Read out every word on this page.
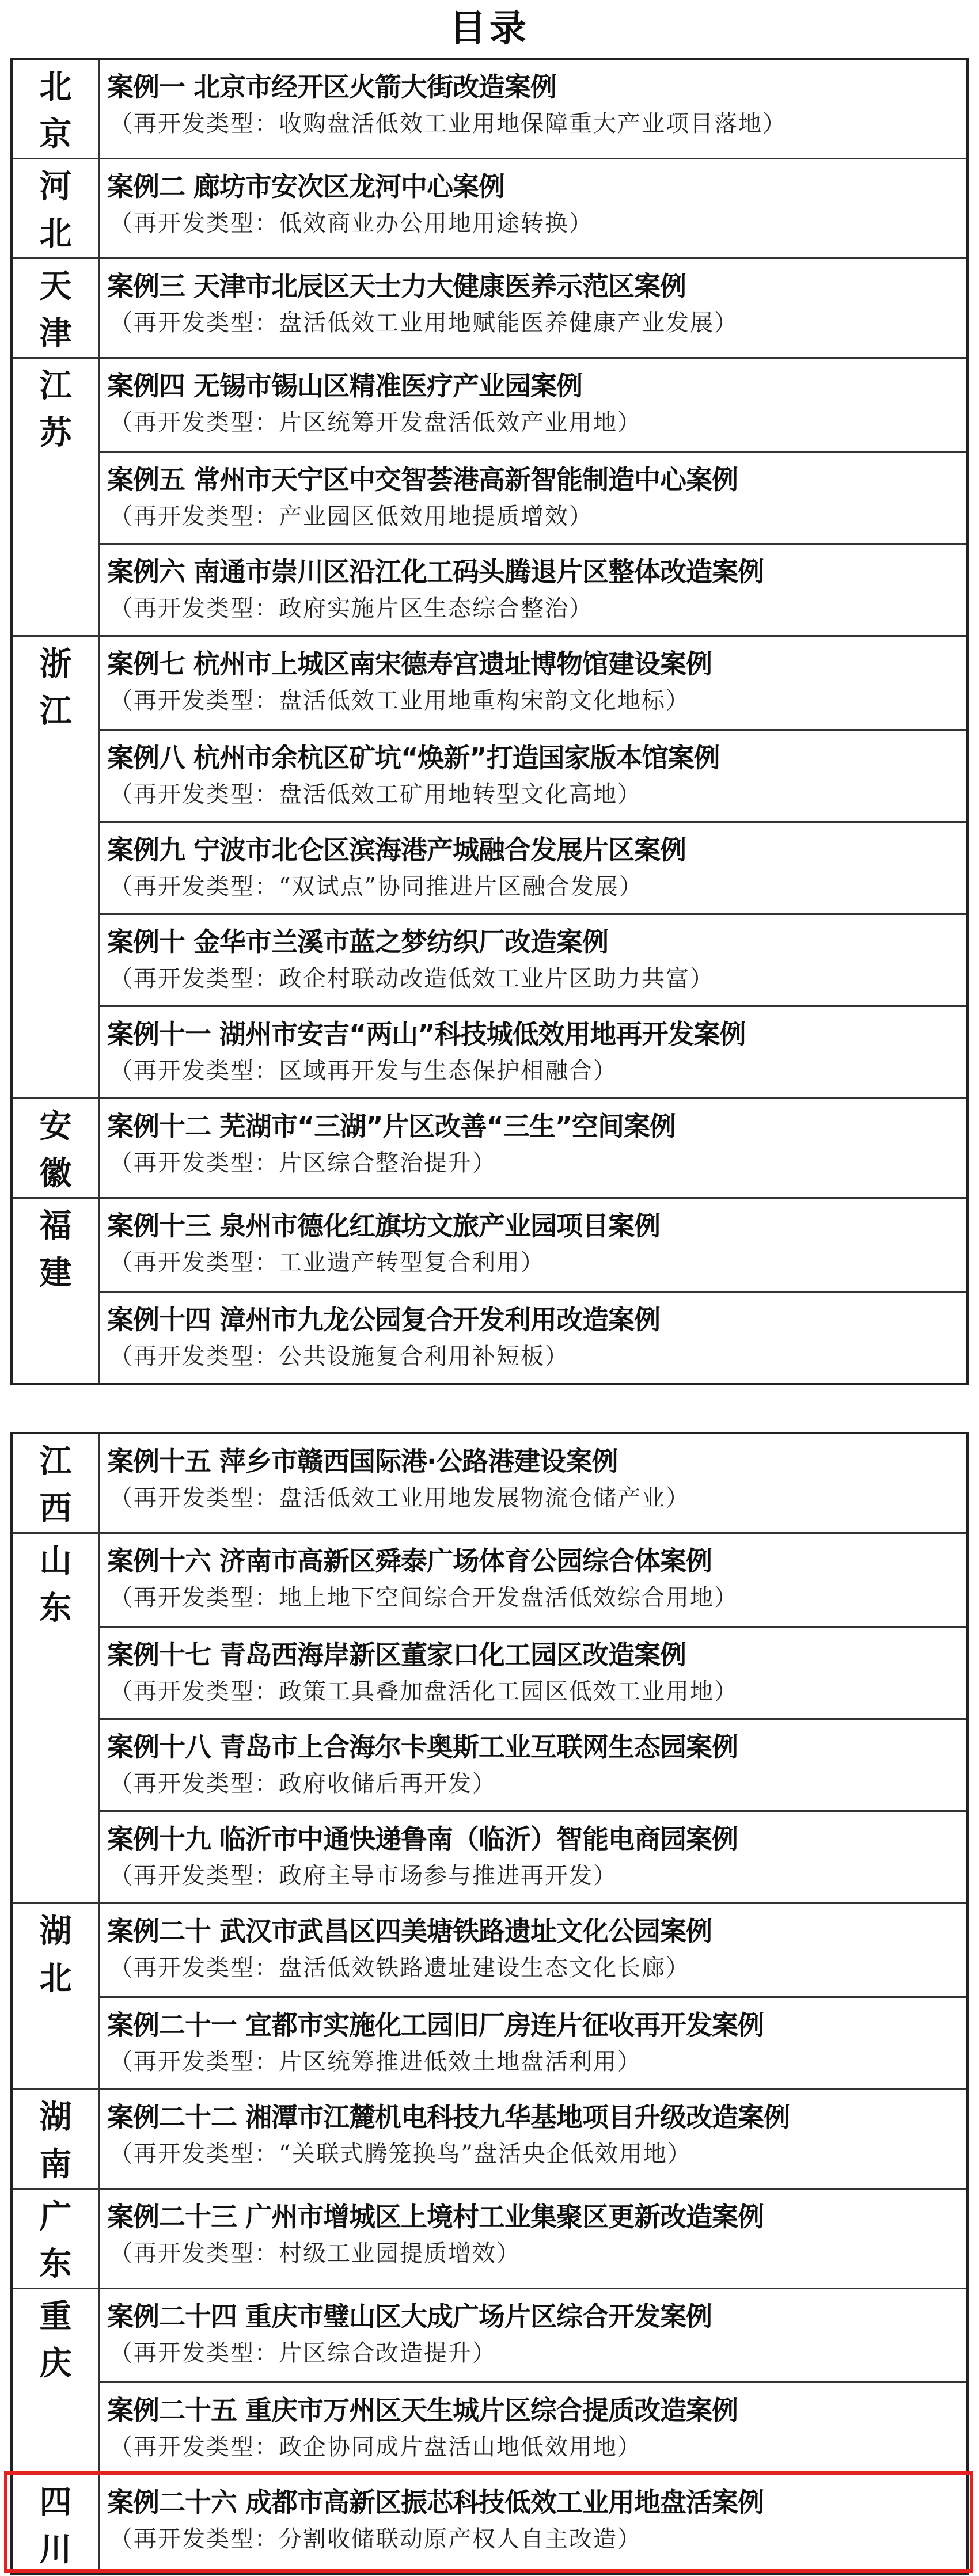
目录
北
京
案例一 北京市经开区火箭大街改造案例
（再开发类型：收购盘活低效工业用地保障重大产业项目落地）
河
北
案例二 廊坊市安次区龙河中心案例
（再开发类型：低效商业办公用地用途转换）
天
津
案例三 天津市北辰区天士力大健康医养示范区案例
（再开发类型：盘活低效工业用地赋能医养健康产业发展）
江
苏
案例四 无锡市锡山区精准医疗产业园案例
（再开发类型：片区统筹开发盘活低效产业用地）
案例五 常州市天宁区中交智荟港高新智能制造中心案例
（再开发类型：产业园区低效用地提质增效）
案例六 南通市崇川区沿江化工码头腾退片区整体改造案例
（再开发类型：政府实施片区生态综合整治）
浙
江
案例七 杭州市上城区南宋德寿宫遗址博物馆建设案例
（再开发类型：盘活低效工业用地重构宋韵文化地标）
案例八 杭州市余杭区矿坑“焕新”打造国家版本馆案例
（再开发类型：盘活低效工矿用地转型文化高地）
案例九 宁波市北仑区滨海港产城融合发展片区案例
（再开发类型：“双试点”协同推进片区融合发展）
案例十 金华市兰溪市蓝之梦纺织厂改造案例
（再开发类型：政企村联动改造低效工业片区助力共富）
案例十一 湖州市安吉“两山”科技城低效用地再开发案例
（再开发类型：区域再开发与生态保护相融合）
安
徽
案例十二 芜湖市“三湖”片区改善“三生”空间案例
（再开发类型：片区综合整治提升）
福
建
案例十三 泉州市德化红旗坊文旅产业园项目案例
（再开发类型：工业遗产转型复合利用）
案例十四 漳州市九龙公园复合开发利用改造案例
（再开发类型：公共设施复合利用补短板）
江
西
案例十五 萍乡市赣西国际港·公路港建设案例
（再开发类型：盘活低效工业用地发展物流仓储产业）
山
东
案例十六 济南市高新区舜泰广场体育公园综合体案例
（再开发类型：地上地下空间综合开发盘活低效综合用地）
案例十七 青岛西海岸新区董家口化工园区改造案例
（再开发类型：政策工具叠加盘活化工园区低效工业用地）
案例十八 青岛市上合海尔卡奥斯工业互联网生态园案例
（再开发类型：政府收储后再开发）
案例十九 临沂市中通快递鲁南（临沂）智能电商园案例
（再开发类型：政府主导市场参与推进再开发）
湖
北
案例二十 武汉市武昌区四美塘铁路遗址文化公园案例
（再开发类型：盘活低效铁路遗址建设生态文化长廊）
案例二十一 宜都市实施化工园旧厂房连片征收再开发案例
（再开发类型：片区统筹推进低效土地盘活利用）
湖
南
案例二十二 湘潭市江麓机电科技九华基地项目升级改造案例
（再开发类型：“关联式腾笼换鸟”盘活央企低效用地）
广
东
案例二十三 广州市增城区上境村工业集聚区更新改造案例
（再开发类型：村级工业园提质增效）
重
庆
案例二十四 重庆市璧山区大成广场片区综合开发案例
（再开发类型：片区综合改造提升）
案例二十五 重庆市万州区天生城片区综合提质改造案例
（再开发类型：政企协同成片盘活山地低效用地）
四
川
案例二十六 成都市高新区振芯科技低效工业用地盘活案例
（再开发类型：分割收储联动原产权人自主改造）
